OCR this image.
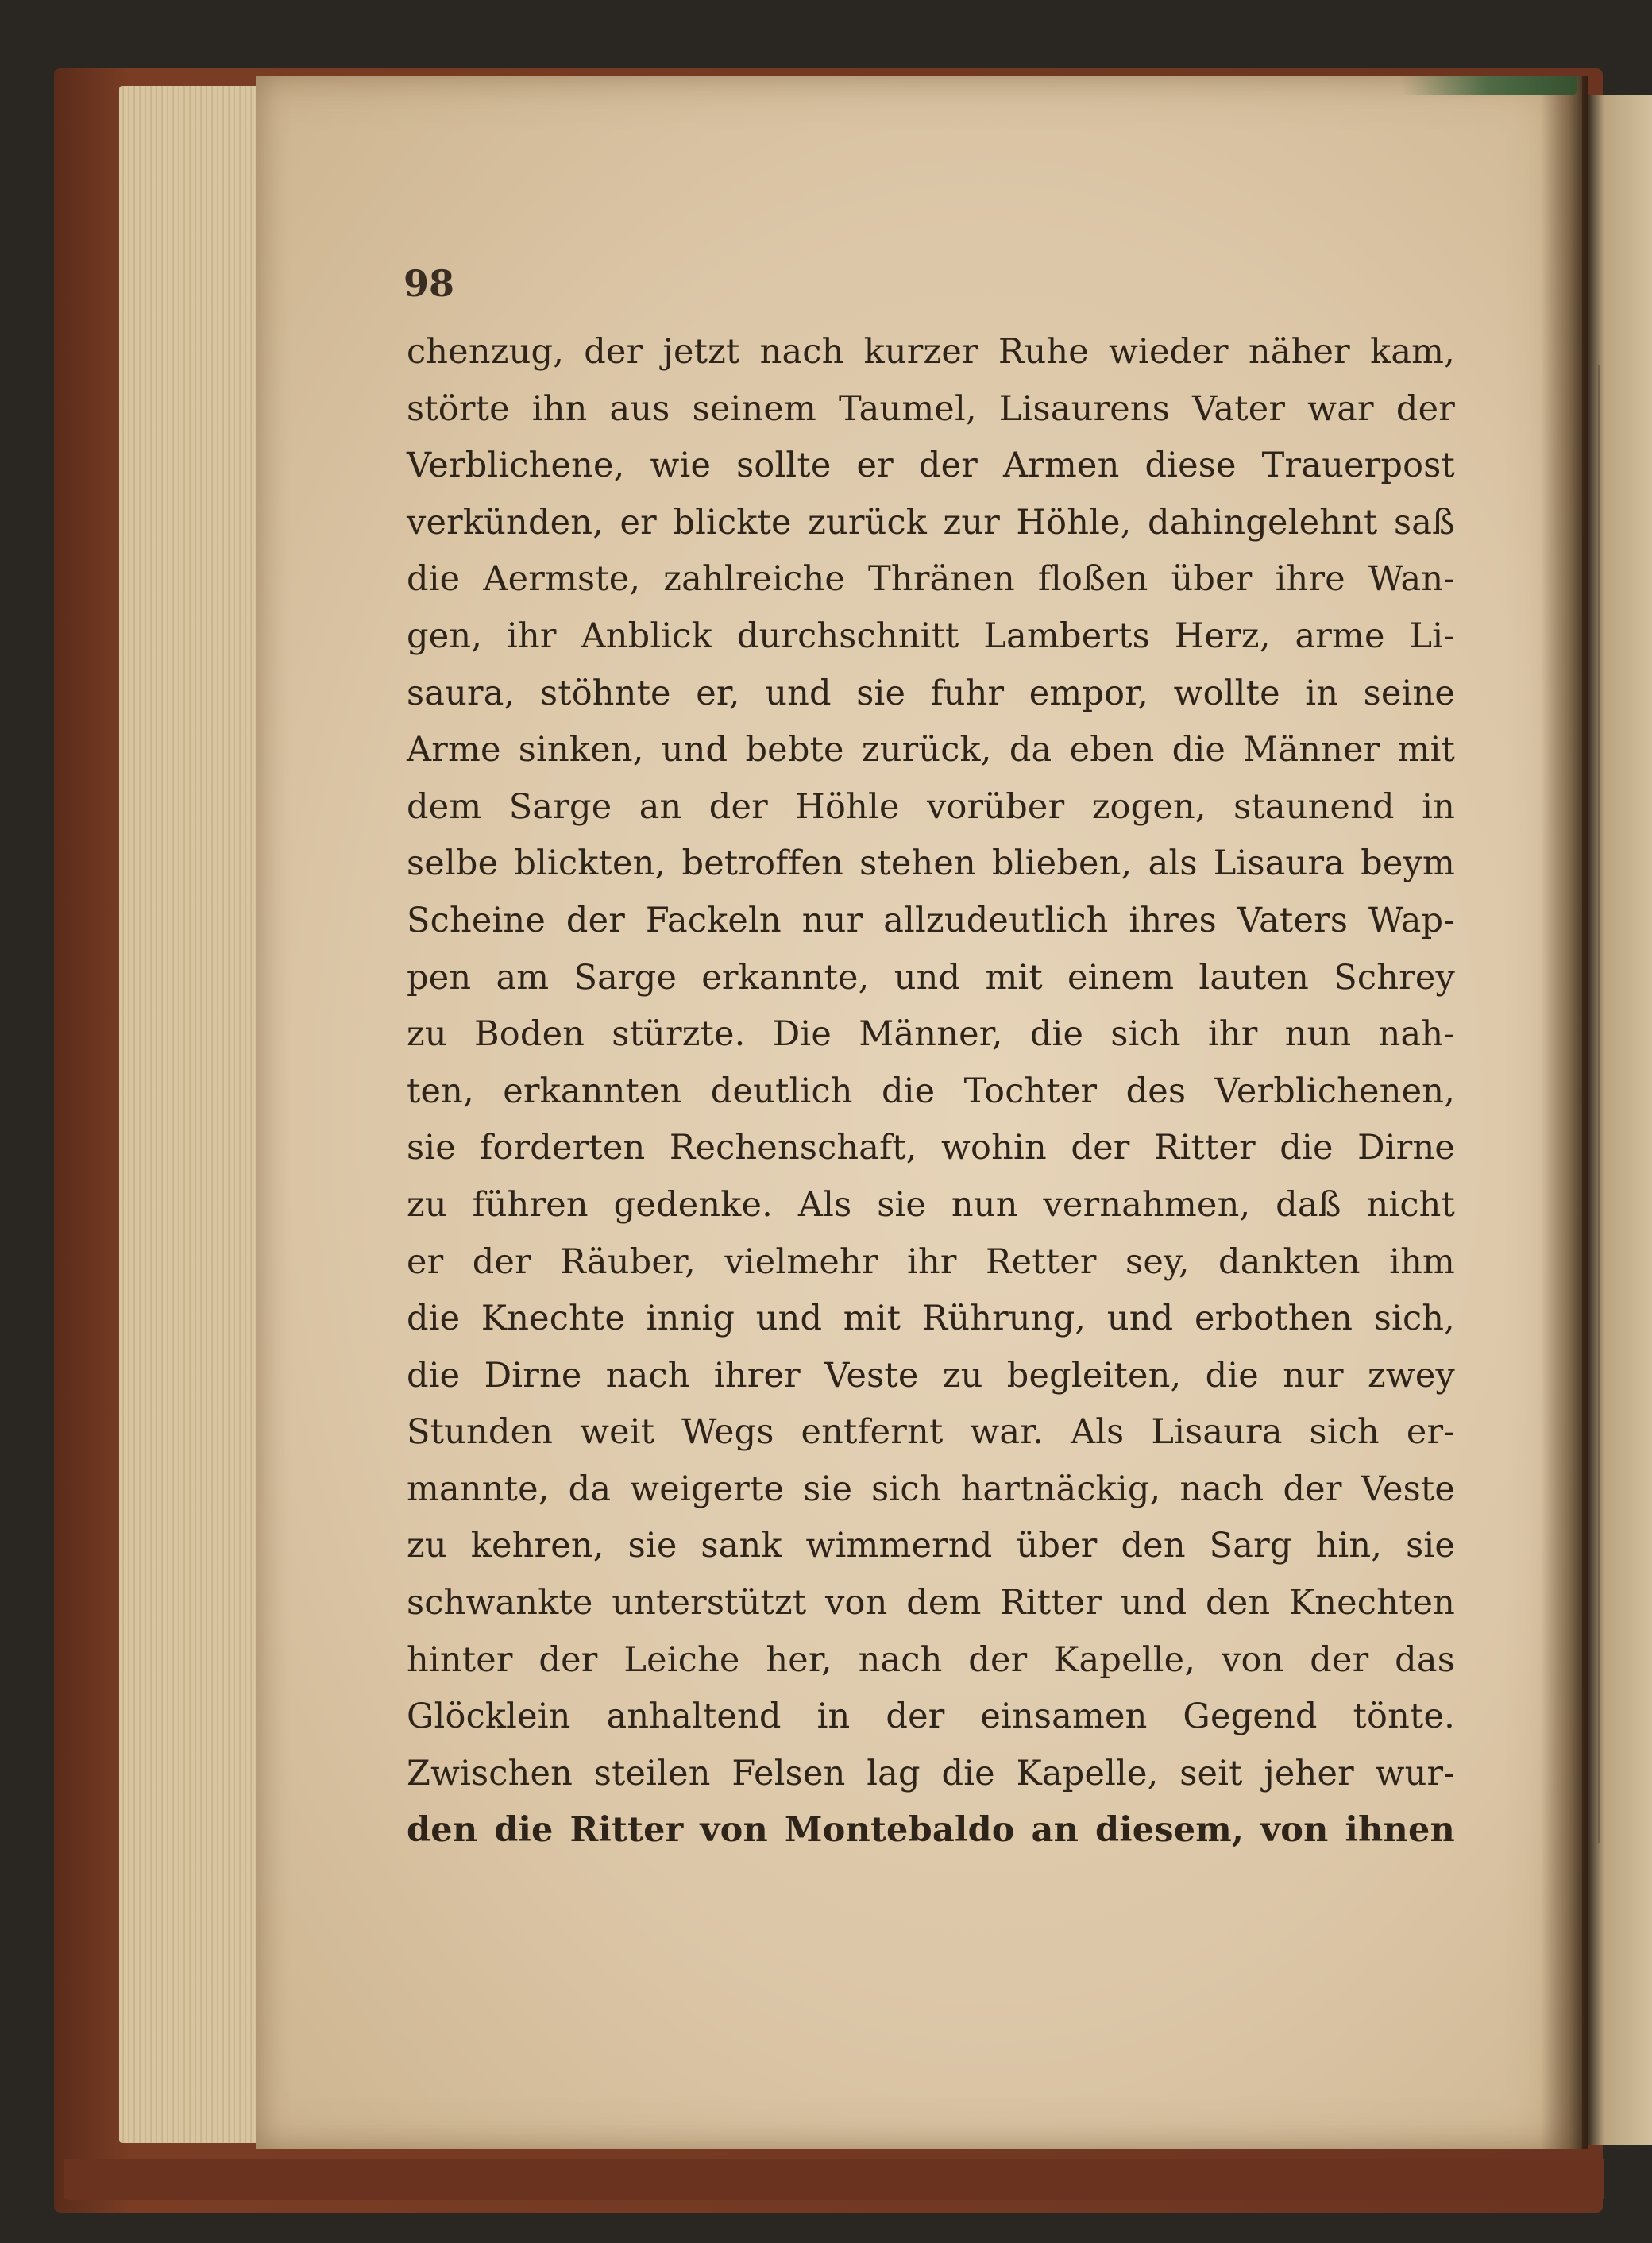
98
chenzug, der jetzt nach kurzer Ruhe wieder näher kam,
störte ihn aus seinem Taumel, Lisaurens Vater war der
Verblichene, wie sollte er der Armen diese Trauerpost
verkünden, er blickte zurück zur Höhle, dahingelehnt saß
die Aermste, zahlreiche Thränen floßen über ihre Wan-
gen, ihr Anblick durchschnitt Lamberts Herz, arme Li-
saura, stöhnte er, und sie fuhr empor, wollte in seine
Arme sinken, und bebte zurück, da eben die Männer mit
dem Sarge an der Höhle vorüber zogen, staunend in
selbe blickten, betroffen stehen blieben, als Lisaura beym
Scheine der Fackeln nur allzudeutlich ihres Vaters Wap-
pen am Sarge erkannte, und mit einem lauten Schrey
zu Boden stürzte. Die Männer, die sich ihr nun nah-
ten, erkannten deutlich die Tochter des Verblichenen,
sie forderten Rechenschaft, wohin der Ritter die Dirne
zu führen gedenke. Als sie nun vernahmen, daß nicht
er der Räuber, vielmehr ihr Retter sey, dankten ihm
die Knechte innig und mit Rührung, und erbothen sich,
die Dirne nach ihrer Veste zu begleiten, die nur zwey
Stunden weit Wegs entfernt war. Als Lisaura sich er-
mannte, da weigerte sie sich hartnäckig, nach der Veste
zu kehren, sie sank wimmernd über den Sarg hin, sie
schwankte unterstützt von dem Ritter und den Knechten
hinter der Leiche her, nach der Kapelle, von der das
Glöcklein anhaltend in der einsamen Gegend tönte.
Zwischen steilen Felsen lag die Kapelle, seit jeher wur-
den die Ritter von Montebaldo an diesem, von ihnen
